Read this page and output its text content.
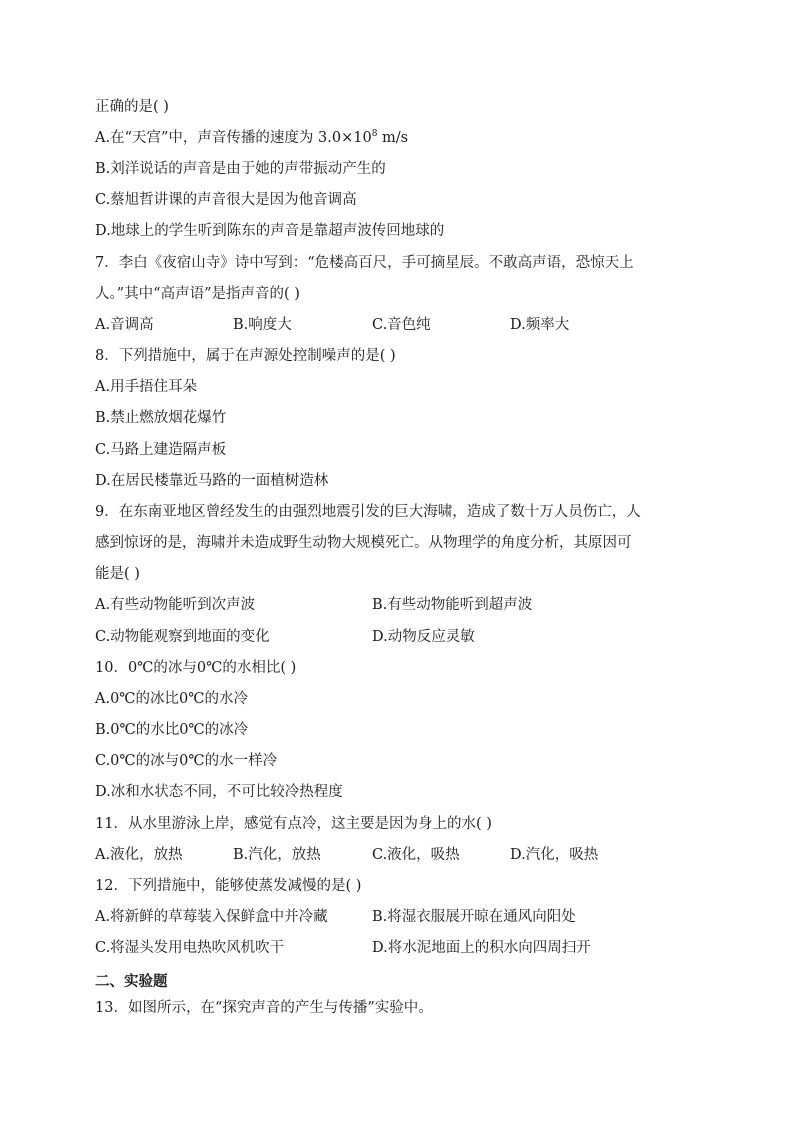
正确的是( )
A.在“天宫”中，声音传播的速度为 $3.0\times 10^8$ m/s
B.刘洋说话的声音是由于她的声带振动产生的
C.蔡旭哲讲课的声音很大是因为他音调高
D.地球上的学生听到陈东的声音是靠超声波传回地球的
7．李白《夜宿山寺》诗中写到：“危楼高百尺，手可摘星辰。不敢高声语，恐惊天上
人。”其中“高声语”是指声音的( )
A.音调高	B.响度大	C.音色纯	D.频率大
8．下列措施中，属于在声源处控制噪声的是( )
A.用手捂住耳朵
B.禁止燃放烟花爆竹
C.马路上建造隔声板
D.在居民楼靠近马路的一面植树造林
9．在东南亚地区曾经发生的由强烈地震引发的巨大海啸，造成了数十万人员伤亡，人
感到惊讶的是，海啸并未造成野生动物大规模死亡。从物理学的角度分析，其原因可
能是( )
A.有些动物能听到次声波	B.有些动物能听到超声波
C.动物能观察到地面的变化	D.动物反应灵敏
10．0℃的冰与0℃的水相比( )
A.0℃的冰比0℃的水冷
B.0℃的水比0℃的冰冷
C.0℃的冰与0℃的水一样冷
D.冰和水状态不同，不可比较冷热程度
11．从水里游泳上岸，感觉有点冷，这主要是因为身上的水( )
A.液化，放热	B.汽化，放热	C.液化，吸热	D.汽化，吸热
12．下列措施中，能够使蒸发减慢的是( )
A.将新鲜的草莓装入保鲜盒中并冷藏	B.将湿衣服展开晾在通风向阳处
C.将湿头发用电热吹风机吹干	D.将水泥地面上的积水向四周扫开
二、实验题
13．如图所示，在“探究声音的产生与传播”实验中。
